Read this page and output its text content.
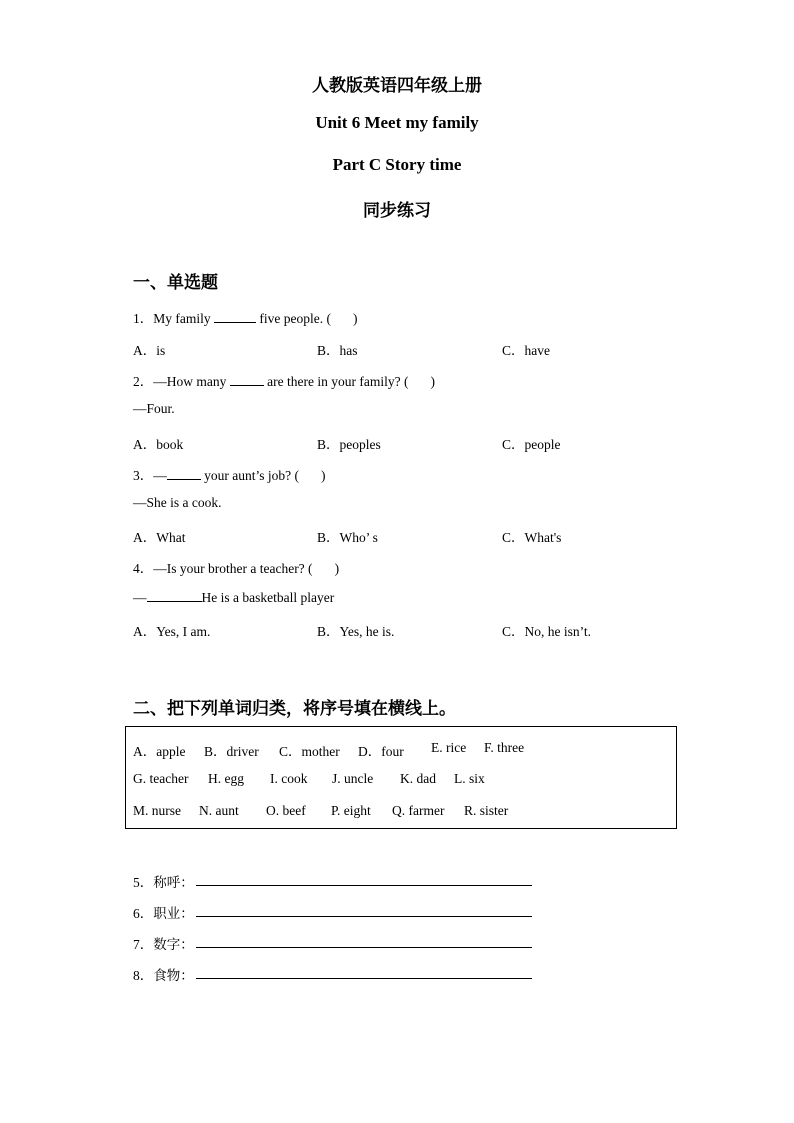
人教版英语四年级上册
Unit 6 Meet my family
Part C Story time
同步练习
一、单选题
1．My family	five people. ( )
A．is	B．has	C．have
2．—How many	are there in your family? ( )
—Four.
A．book	B．peoples	C．people
3．—	your aunt’s job? ( )
—She is a cook.
A．What	B．Who’ s	C．What's
4．—Is your brother a teacher? ( )
—	He is a basketball player
A．Yes, I am.	B．Yes, he is.	C．No, he isn’t.
二、把下列单词归类，将序号填在横线上。
A．apple B．driver C．mother D．four E. rice F. three
G. teacher H. egg I. cook J. uncle K. dad L. six
M. nurse N. aunt O. beef P. eight Q. farmer R. sister
5．称呼：
6．职业：
7．数字：
8．食物：
